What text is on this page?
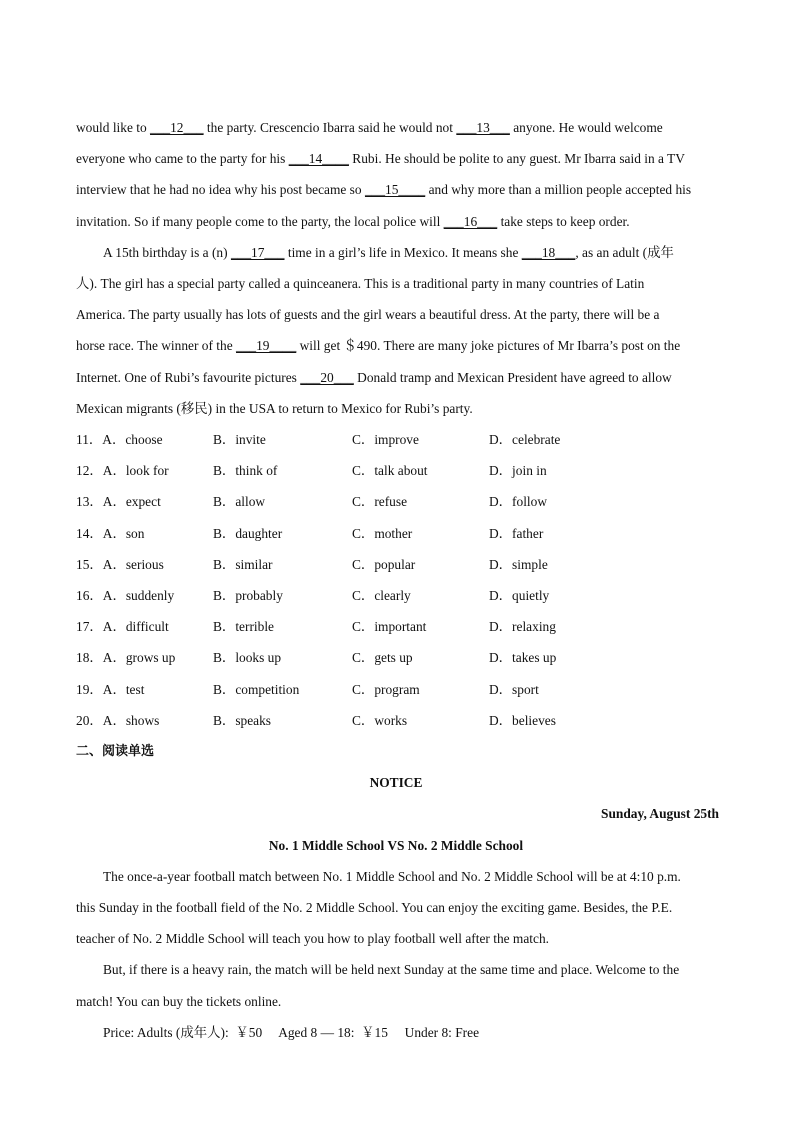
would like to ___12___ the party. Crescencio Ibarra said he would not ___13___ anyone. He would welcome

everyone who came to the party for his ___14____ Rubi. He should be polite to any guest. Mr Ibarra said in a TV

interview that he had no idea why his post became so ___15____ and why more than a million people accepted his

invitation. So if many people come to the party, the local police will ___16___ take steps to keep order.

A 15th birthday is a (n) ___17___ time in a girl’s life in Mexico. It means she ___18___, as an adult (成年

人). The girl has a special party called a quinceanera. This is a traditional party in many countries of Latin

America. The party usually has lots of guests and the girl wears a beautiful dress. At the party, there will be a

horse race. The winner of the ___19____ will get ＄490. There are many joke pictures of Mr Ibarra’s post on the

Internet. One of Rubi’s favourite pictures ___20___ Donald tramp and Mexican President have agreed to allow

Mexican migrants (移民) in the USA to return to Mexico for Rubi’s party.

11．A．choose	B．invite	C．improve	D．celebrate
12．A．look for	B．think of	C．talk about	D．join in
13．A．expect	B．allow	C．refuse	D．follow
14．A．son	B．daughter	C．mother	D．father
15．A．serious	B．similar	C．popular	D．simple
16．A．suddenly	B．probably	C．clearly	D．quietly
17．A．difficult	B．terrible	C．important	D．relaxing
18．A．grows up	B．looks up	C．gets up	D．takes up
19．A．test	B．competition	C．program	D．sport
20．A．shows	B．speaks	C．works	D．believes

二、阅读单选

NOTICE

Sunday, August 25th

No. 1 Middle School VS No. 2 Middle School

The once-a-year football match between No. 1 Middle School and No. 2 Middle School will be at 4:10 p.m.

this Sunday in the football field of the No. 2 Middle School. You can enjoy the exciting game. Besides, the P.E.

teacher of No. 2 Middle School will teach you how to play football well after the match.

But, if there is a heavy rain, the match will be held next Sunday at the same time and place. Welcome to the

match! You can buy the tickets online.

Price: Adults (成年人):  ￥50     Aged 8 — 18:  ￥15     Under 8: Free
